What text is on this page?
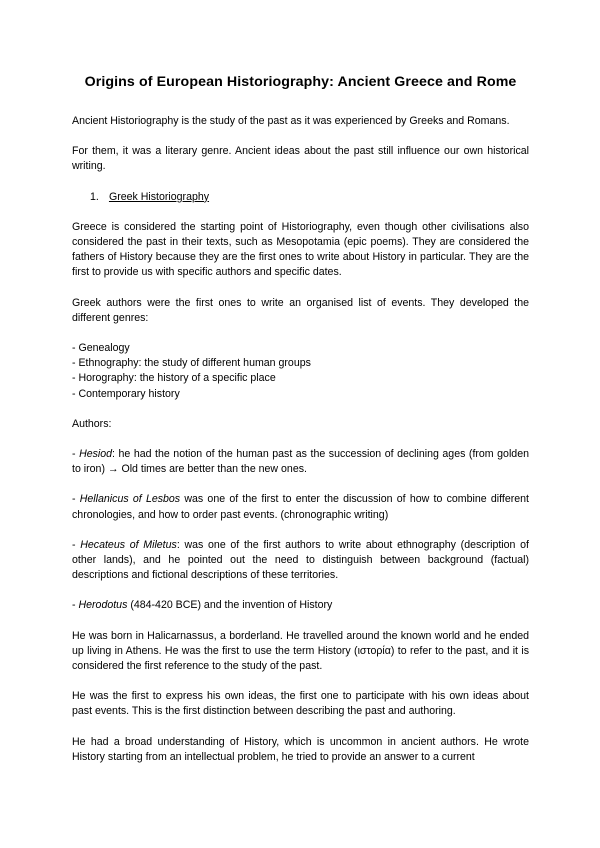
Origins of European Historiography: Ancient Greece and Rome

Ancient Historiography is the study of the past as it was experienced by Greeks and Romans.

For them, it was a literary genre. Ancient ideas about the past still influence our own historical writing.

1. Greek Historiography

Greece is considered the starting point of Historiography, even though other civilisations also considered the past in their texts, such as Mesopotamia (epic poems). They are considered the fathers of History because they are the first ones to write about History in particular. They are the first to provide us with specific authors and specific dates.

Greek authors were the first ones to write an organised list of events. They developed the different genres:

- Genealogy

- Ethnography: the study of different human groups

- Horography: the history of a specific place

- Contemporary history

Authors:

- Hesiod: he had the notion of the human past as the succession of declining ages (from golden to iron) → Old times are better than the new ones.

- Hellanicus of Lesbos was one of the first to enter the discussion of how to combine different chronologies, and how to order past events. (chronographic writing)

- Hecateus of Miletus: was one of the first authors to write about ethnography (description of other lands), and he pointed out the need to distinguish between background (factual) descriptions and fictional descriptions of these territories.

- Herodotus (484-420 BCE) and the invention of History

He was born in Halicarnassus, a borderland. He travelled around the known world and he ended up living in Athens. He was the first to use the term History (ιστορία) to refer to the past, and it is considered the first reference to the study of the past.

He was the first to express his own ideas, the first one to participate with his own ideas about past events. This is the first distinction between describing the past and authoring.

He had a broad understanding of History, which is uncommon in ancient authors. He wrote History starting from an intellectual problem, he tried to provide an answer to a current
